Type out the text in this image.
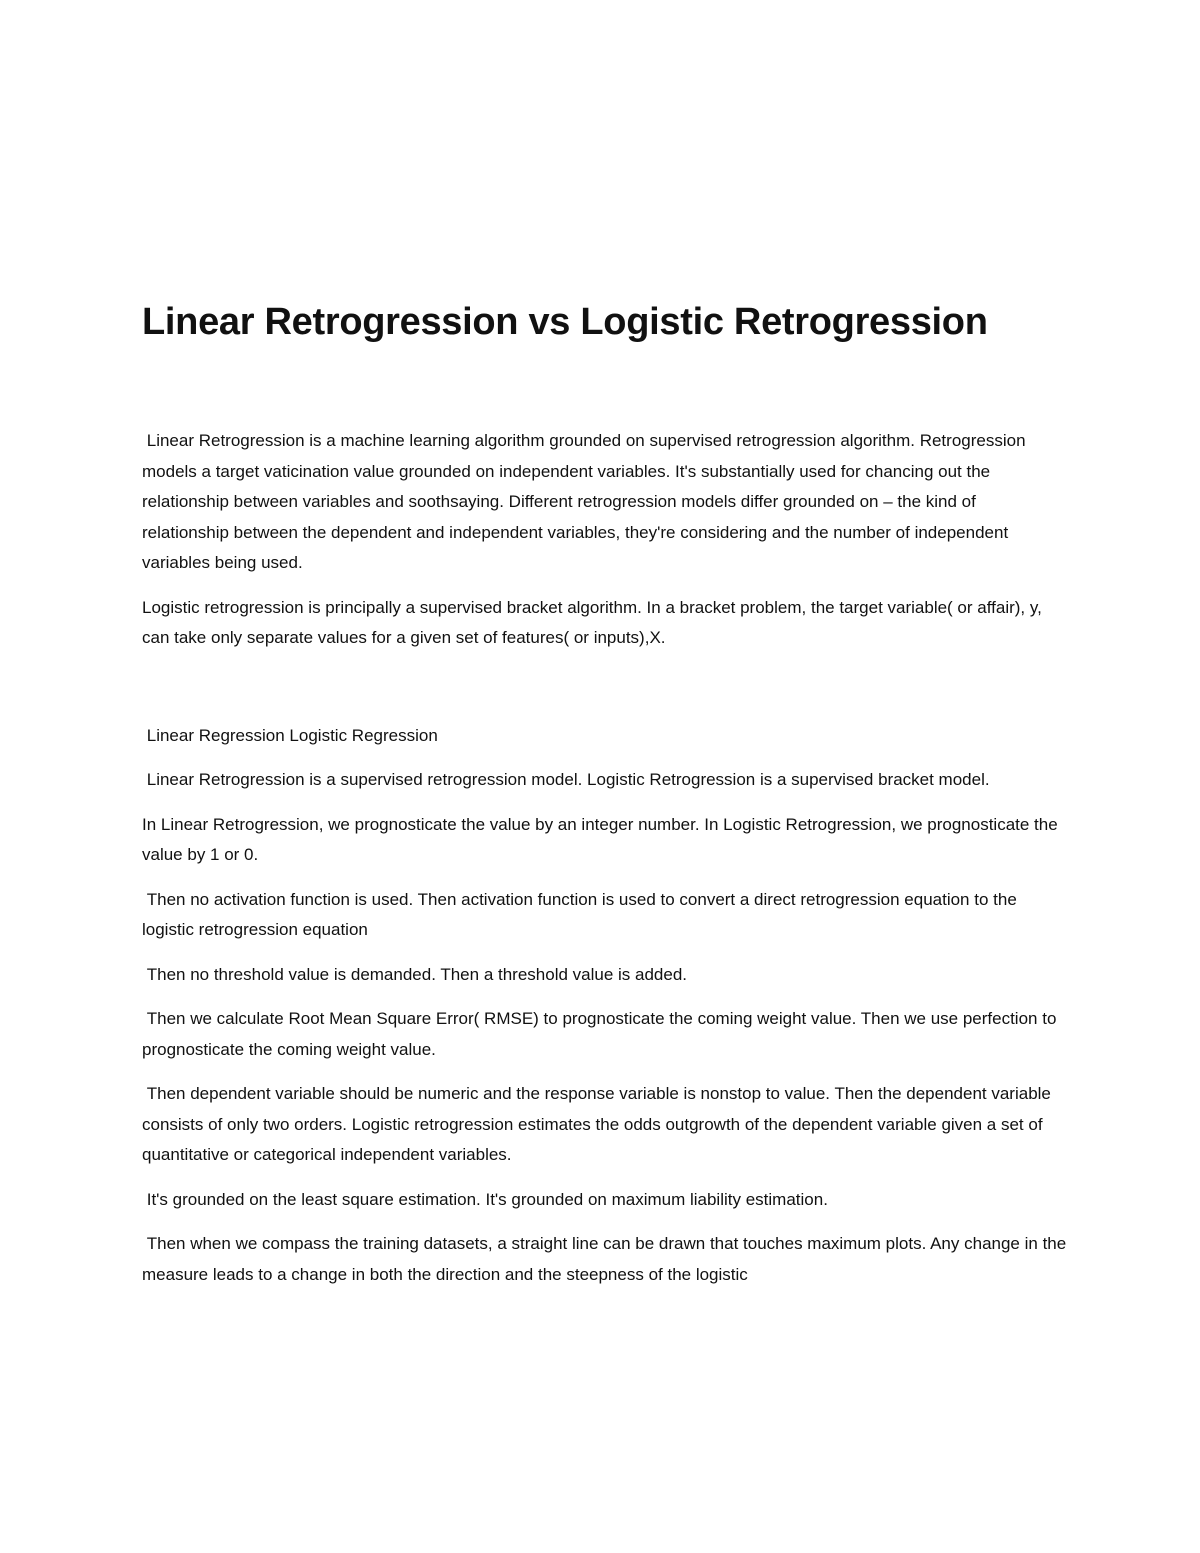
Linear Retrogression vs Logistic Retrogression

Linear Retrogression is a machine learning algorithm grounded on supervised retrogression algorithm. Retrogression models a target vaticination value grounded on independent variables. It's substantially used for chancing out the relationship between variables and soothsaying. Different retrogression models differ grounded on – the kind of relationship between the dependent and independent variables, they're considering and the number of independent variables being used.

Logistic retrogression is principally a supervised bracket algorithm. In a bracket problem, the target variable( or affair), y, can take only separate values for a given set of features( or inputs),X.

Linear Regression Logistic Regression

Linear Retrogression is a supervised retrogression model. Logistic Retrogression is a supervised bracket model.

In Linear Retrogression, we prognosticate the value by an integer number. In Logistic Retrogression, we prognosticate the value by 1 or 0.

Then no activation function is used. Then activation function is used to convert a direct retrogression equation to the logistic retrogression equation

Then no threshold value is demanded. Then a threshold value is added.

Then we calculate Root Mean Square Error( RMSE) to prognosticate the coming weight value. Then we use perfection to prognosticate the coming weight value.

Then dependent variable should be numeric and the response variable is nonstop to value. Then the dependent variable consists of only two orders. Logistic retrogression estimates the odds outgrowth of the dependent variable given a set of quantitative or categorical independent variables.

It's grounded on the least square estimation. It's grounded on maximum liability estimation.

Then when we compass the training datasets, a straight line can be drawn that touches maximum plots. Any change in the measure leads to a change in both the direction and the steepness of the logistic
